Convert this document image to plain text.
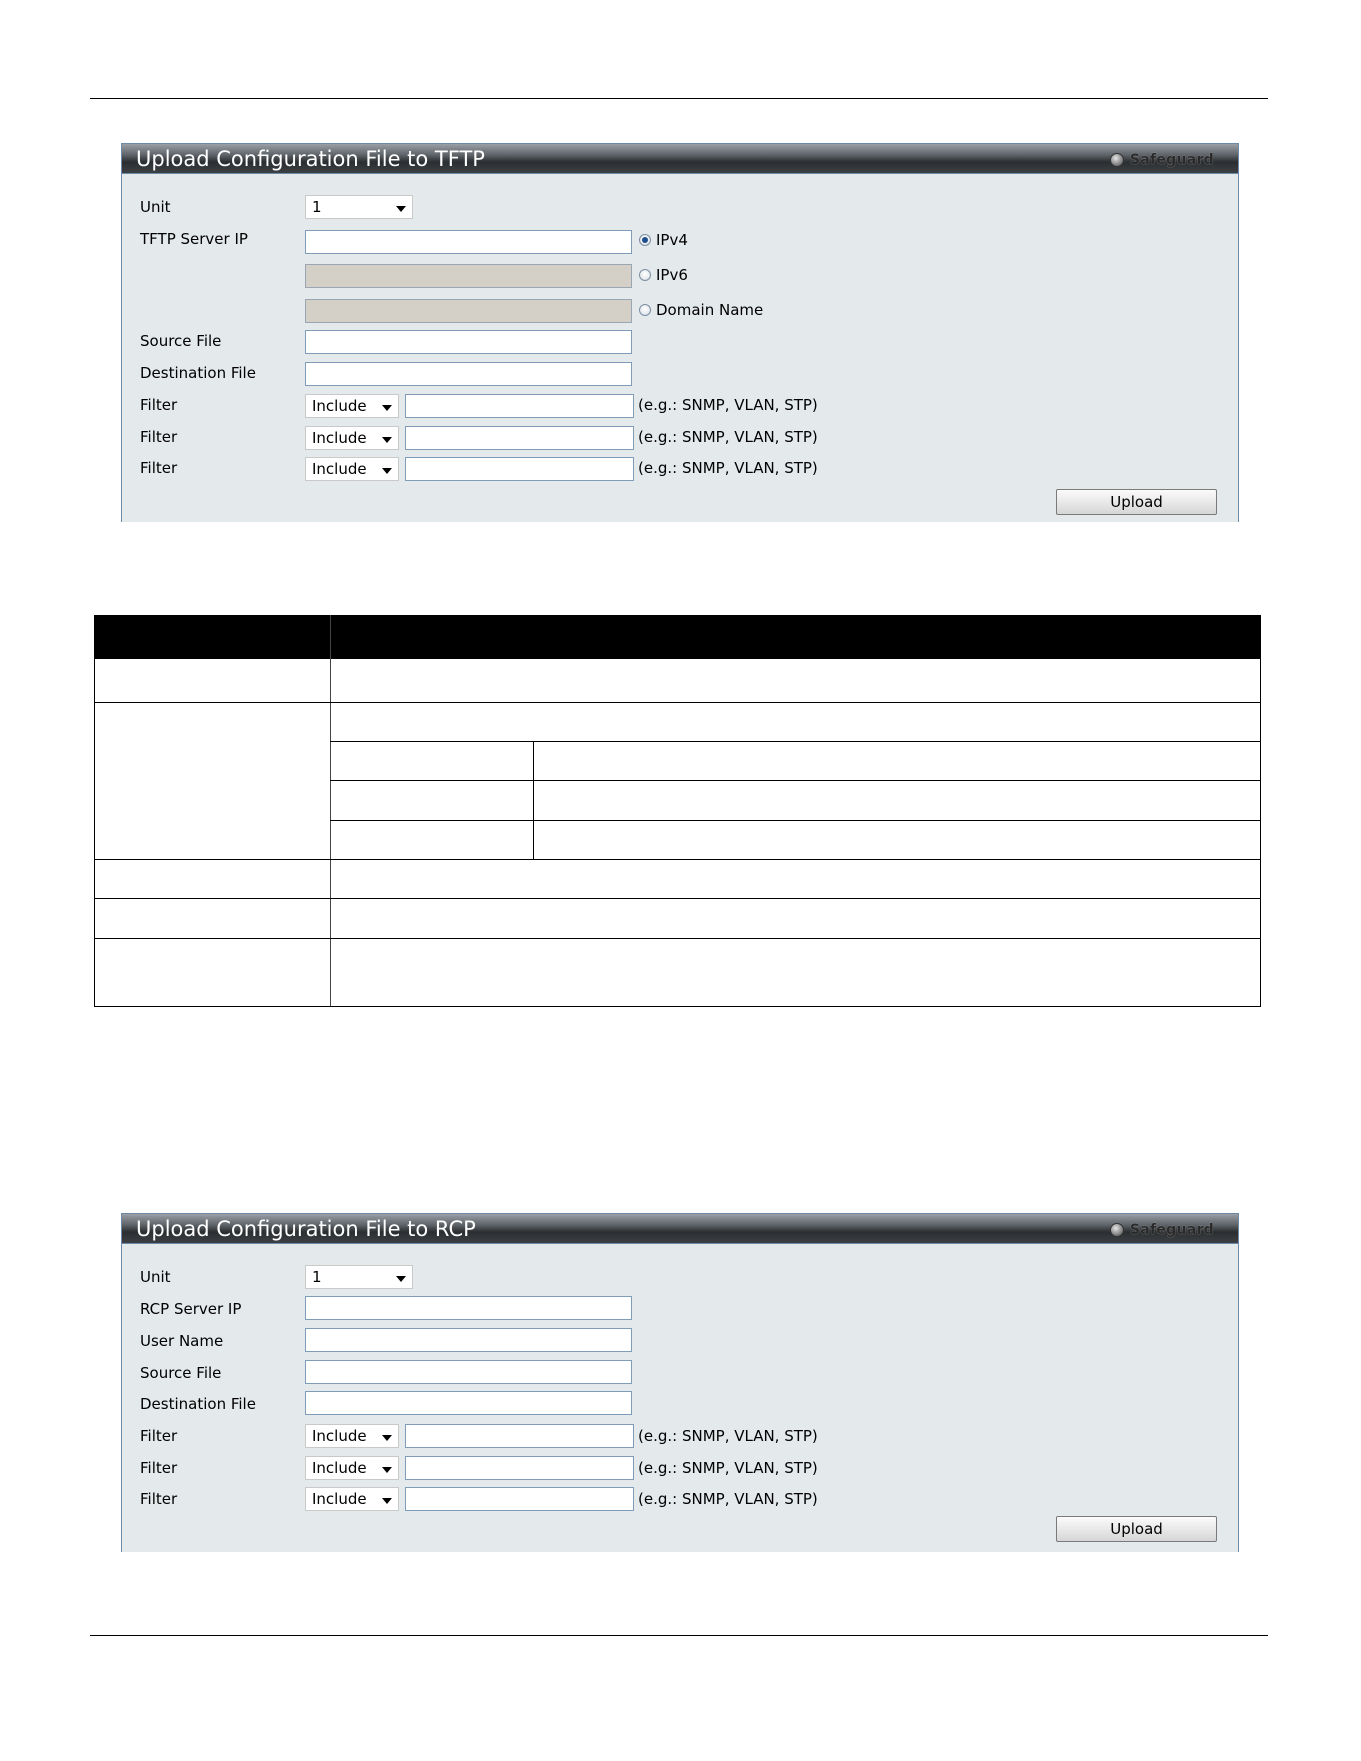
Upload Configuration File to TFTP	Safeguard
Unit	1
TFTP Server IP	IPv4
IPv6
Domain Name
Source File
Destination File
Filter	Include	(e.g.: SNMP, VLAN, STP)
Filter	Include	(e.g.: SNMP, VLAN, STP)
Filter	Include	(e.g.: SNMP, VLAN, STP)
Upload
Upload Configuration File to RCP	Safeguard
Unit	1
RCP Server IP
User Name
Source File
Destination File
Filter	Include	(e.g.: SNMP, VLAN, STP)
Filter	Include	(e.g.: SNMP, VLAN, STP)
Filter	Include	(e.g.: SNMP, VLAN, STP)
Upload
